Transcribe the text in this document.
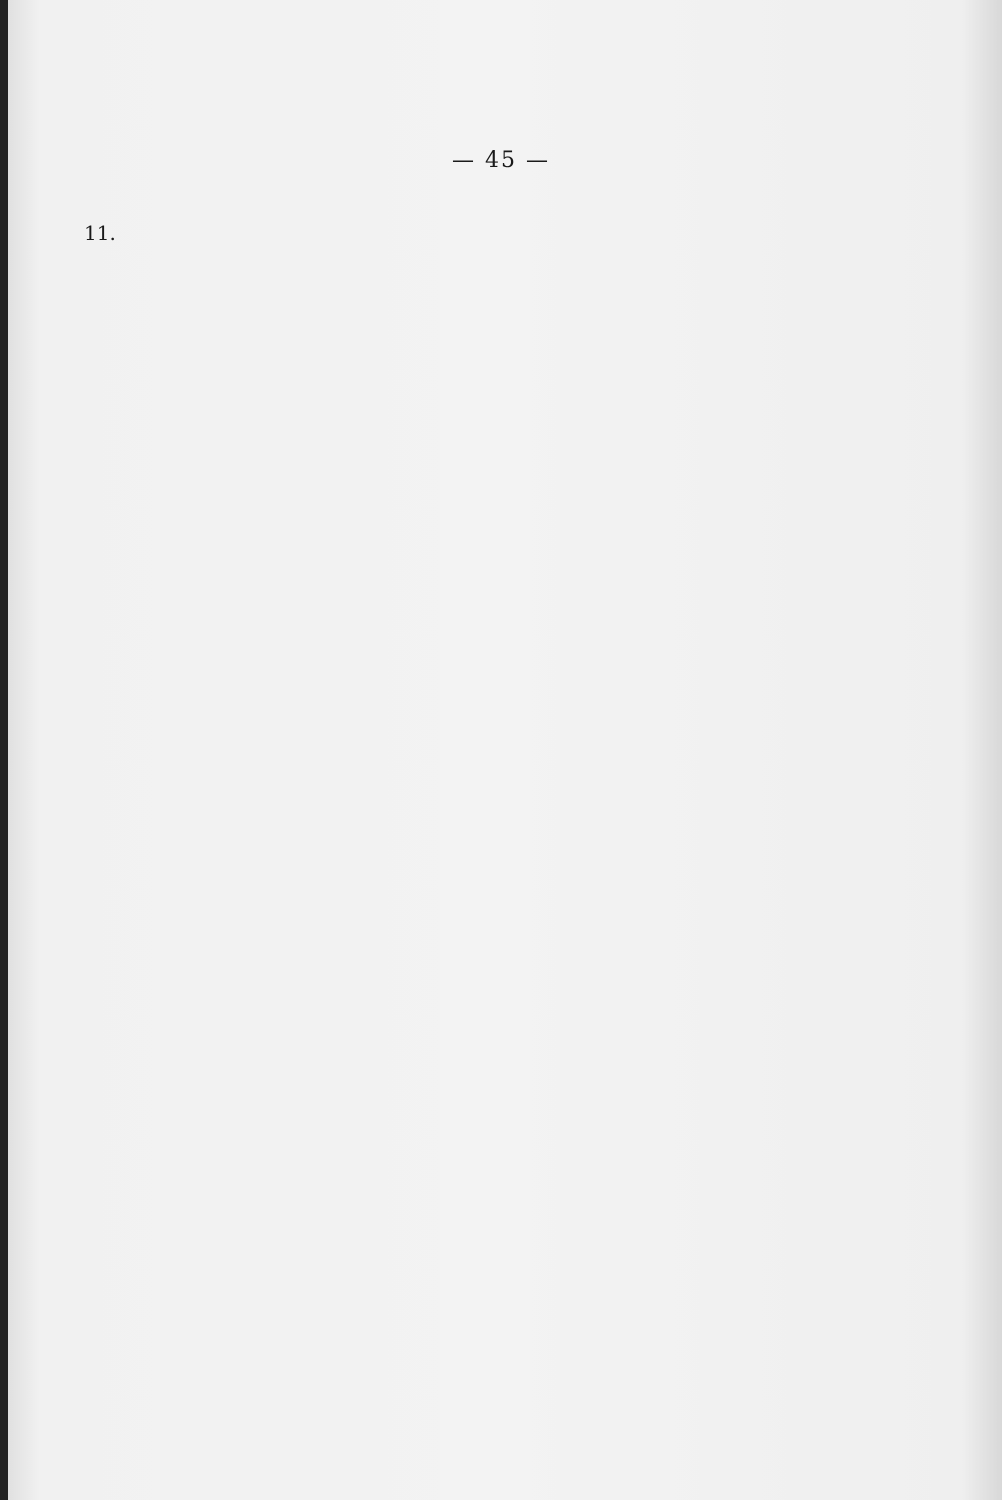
— 45 —

11.
